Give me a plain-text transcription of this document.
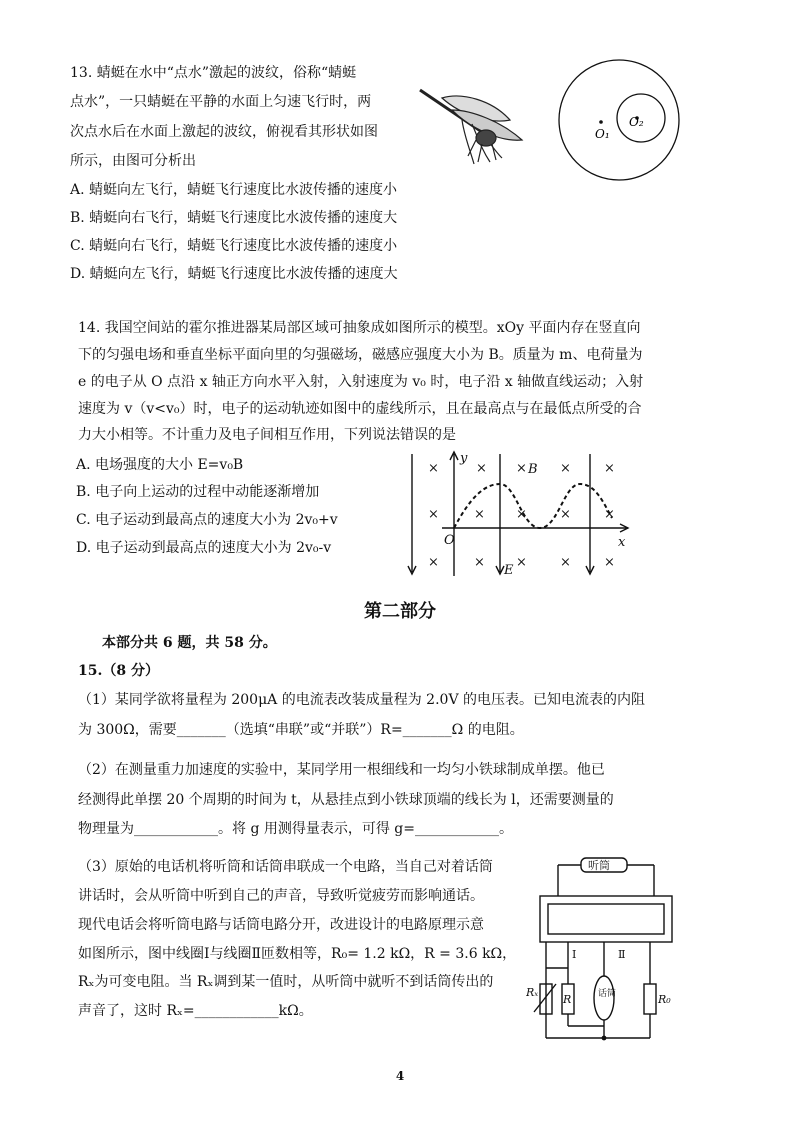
13. 蜻蜓在水中“点水”激起的波纹，俗称“蜻蜓
点水”，一只蜻蜓在平静的水面上匀速飞行时，两
次点水后在水面上激起的波纹，俯视看其形状如图
所示，由图可分析出
A. 蜻蜓向左飞行，蜻蜓飞行速度比水波传播的速度小
B. 蜻蜓向右飞行，蜻蜓飞行速度比水波传播的速度大
C. 蜻蜓向右飞行，蜻蜓飞行速度比水波传播的速度小
D. 蜻蜓向左飞行，蜻蜓飞行速度比水波传播的速度大
O₁
O₂
14. 我国空间站的霍尔推进器某局部区域可抽象成如图所示的模型。xOy 平面内存在竖直向
下的匀强电场和垂直坐标平面向里的匀强磁场，磁感应强度大小为 B。质量为 m、电荷量为
e 的电子从 O 点沿 x 轴正方向水平入射，入射速度为 v₀ 时，电子沿 x 轴做直线运动；入射
速度为 v（v<v₀）时，电子的运动轨迹如图中的虚线所示，且在最高点与在最低点所受的合
力大小相等。不计重力及电子间相互作用，下列说法错误的是
A. 电场强度的大小 E=v₀B
B. 电子向上运动的过程中动能逐渐增加
C. 电子运动到最高点的速度大小为 2v₀+v
D. 电子运动到最高点的速度大小为 2v₀-v
×	× ×	×	×
×	× ×	×	×
×	× ×	×	×
y
x
O
B
E
第二部分
本部分共 6 题，共 58 分。
15.（8 分）
（1）某同学欲将量程为 200μA 的电流表改装成量程为 2.0V 的电压表。已知电流表的内阻
为 300Ω，需要_______（选填“串联”或“并联”）R=_______Ω 的电阻。
（2）在测量重力加速度的实验中，某同学用一根细线和一均匀小铁球制成单摆。他已
经测得此单摆 20 个周期的时间为 t，从悬挂点到小铁球顶端的线长为 l，还需要测量的
物理量为____________。将 g 用测得量表示，可得 g=____________。
（3）原始的电话机将听筒和话筒串联成一个电路，当自己对着话筒
讲话时，会从听筒中听到自己的声音，导致听觉疲劳而影响通话。
现代电话会将听筒电路与话筒电路分开，改进设计的电路原理示意
如图所示，图中线圈Ⅰ与线圈Ⅱ匝数相等，R₀= 1.2 kΩ，R = 3.6 kΩ，
Rₓ为可变电阻。当 Rₓ调到某一值时，从听筒中就听不到话筒传出的
声音了，这时 Rₓ=____________kΩ。
听筒
Ⅰ	Ⅱ
Rₓ
R	R₀
话筒
4
